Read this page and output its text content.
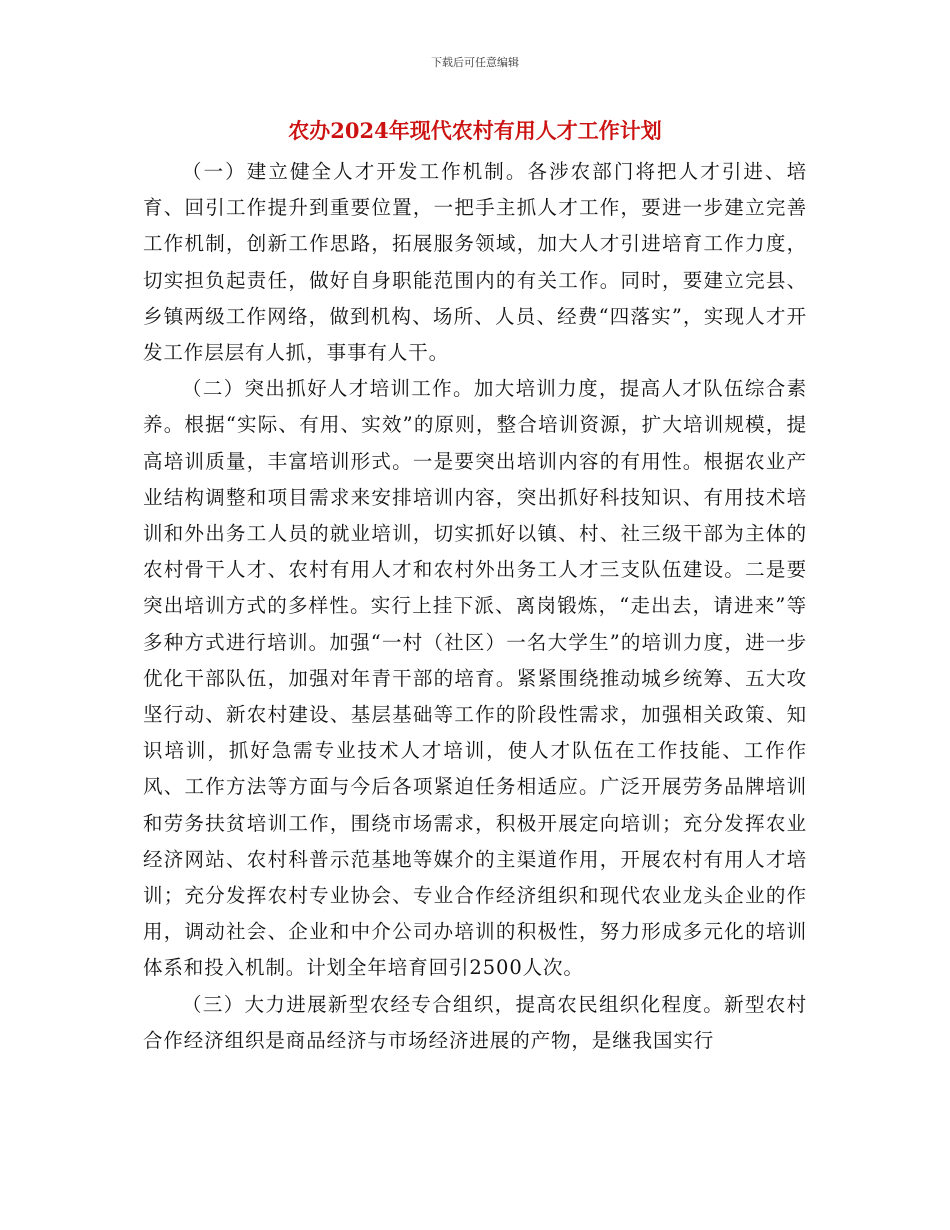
下载后可任意编辑
农办2024年现代农村有用人才工作计划

（一）建立健全人才开发工作机制。各涉农部门将把人才引进、培育、回引工作提升到重要位置，一把手主抓人才工作，要进一步建立完善工作机制，创新工作思路，拓展服务领域，加大人才引进培育工作力度，切实担负起责任，做好自身职能范围内的有关工作。同时，要建立完县、乡镇两级工作网络，做到机构、场所、人员、经费“四落实”，实现人才开发工作层层有人抓，事事有人干。

（二）突出抓好人才培训工作。加大培训力度，提高人才队伍综合素养。根据“实际、有用、实效”的原则，整合培训资源，扩大培训规模，提高培训质量，丰富培训形式。一是要突出培训内容的有用性。根据农业产业结构调整和项目需求来安排培训内容，突出抓好科技知识、有用技术培训和外出务工人员的就业培训，切实抓好以镇、村、社三级干部为主体的农村骨干人才、农村有用人才和农村外出务工人才三支队伍建设。二是要突出培训方式的多样性。实行上挂下派、离岗锻炼，“走出去，请进来”等多种方式进行培训。加强“一村（社区）一名大学生”的培训力度，进一步优化干部队伍，加强对年青干部的培育。紧紧围绕推动城乡统筹、五大攻坚行动、新农村建设、基层基础等工作的阶段性需求，加强相关政策、知识培训，抓好急需专业技术人才培训，使人才队伍在工作技能、工作作风、工作方法等方面与今后各项紧迫任务相适应。广泛开展劳务品牌培训和劳务扶贫培训工作，围绕市场需求，积极开展定向培训；充分发挥农业经济网站、农村科普示范基地等媒介的主渠道作用，开展农村有用人才培训；充分发挥农村专业协会、专业合作经济组织和现代农业龙头企业的作用，调动社会、企业和中介公司办培训的积极性，努力形成多元化的培训体系和投入机制。计划全年培育回引2500人次。

（三）大力进展新型农经专合组织，提高农民组织化程度。新型农村合作经济组织是商品经济与市场经济进展的产物，是继我国实行
